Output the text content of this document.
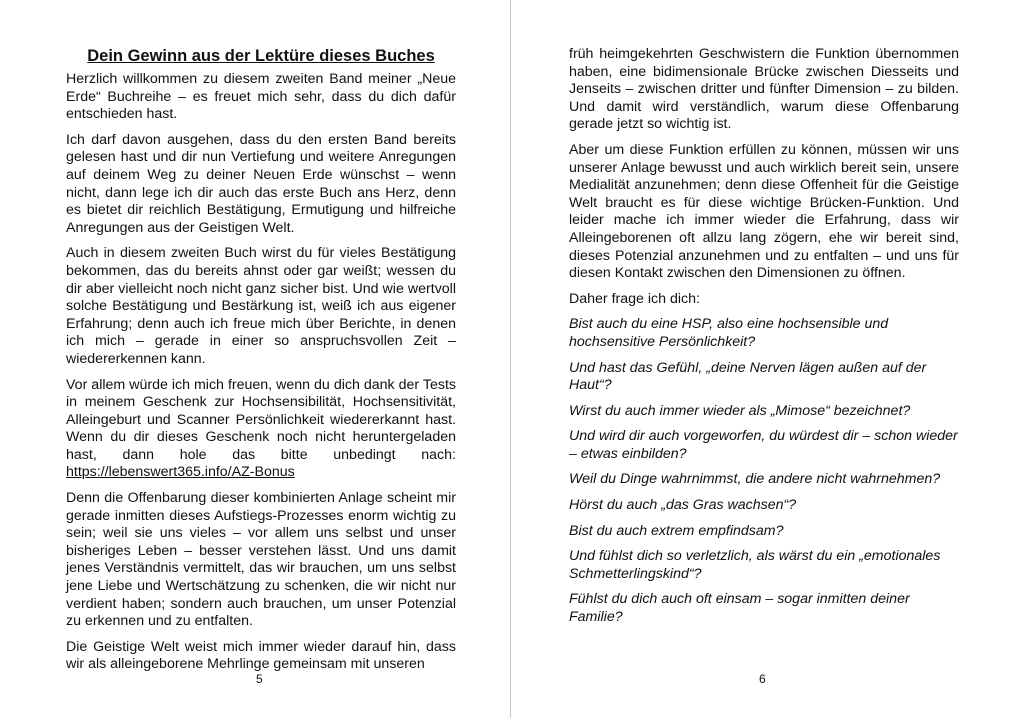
Dein Gewinn aus der Lektüre dieses Buches

Herzlich willkommen zu diesem zweiten Band meiner „Neue Erde“ Buchreihe – es freuet mich sehr, dass du dich dafür entschieden hast.

Ich darf davon ausgehen, dass du den ersten Band bereits gelesen hast und dir nun Vertiefung und weitere Anregungen auf deinem Weg zu deiner Neuen Erde wünschst – wenn nicht, dann lege ich dir auch das erste Buch ans Herz, denn es bietet dir reichlich Bestätigung, Ermutigung und hilfreiche Anregungen aus der Geistigen Welt.

Auch in diesem zweiten Buch wirst du für vieles Bestätigung bekommen, das du bereits ahnst oder gar weißt; wessen du dir aber vielleicht noch nicht ganz sicher bist. Und wie wertvoll solche Bestätigung und Bestärkung ist, weiß ich aus eigener Erfahrung; denn auch ich freue mich über Berichte, in denen ich mich – gerade in einer so anspruchsvollen Zeit – wiedererkennen kann.

Vor allem würde ich mich freuen, wenn du dich dank der Tests in meinem Geschenk zur Hochsensibilität, Hochsensitivität, Alleingeburt und Scanner Persönlichkeit wiedererkannt hast. Wenn du dir dieses Geschenk noch nicht heruntergeladen hast, dann hole das bitte unbedingt nach: https://lebenswert365.info/AZ-Bonus

Denn die Offenbarung dieser kombinierten Anlage scheint mir gerade inmitten dieses Aufstiegs-Prozesses enorm wichtig zu sein; weil sie uns vieles – vor allem uns selbst und unser bisheriges Leben – besser verstehen lässt. Und uns damit jenes Verständnis vermittelt, das wir brauchen, um uns selbst jene Liebe und Wertschätzung zu schenken, die wir nicht nur verdient haben; sondern auch brauchen, um unser Potenzial zu erkennen und zu entfalten.

Die Geistige Welt weist mich immer wieder darauf hin, dass wir als alleingeborene Mehrlinge gemeinsam mit unseren

5

früh heimgekehrten Geschwistern die Funktion übernommen haben, eine bidimensionale Brücke zwischen Diesseits und Jenseits – zwischen dritter und fünfter Dimension – zu bilden. Und damit wird verständlich, warum diese Offenbarung gerade jetzt so wichtig ist.

Aber um diese Funktion erfüllen zu können, müssen wir uns unserer Anlage bewusst und auch wirklich bereit sein, unsere Medialität anzunehmen; denn diese Offenheit für die Geistige Welt braucht es für diese wichtige Brücken-Funktion. Und leider mache ich immer wieder die Erfahrung, dass wir Alleingeborenen oft allzu lang zögern, ehe wir bereit sind, dieses Potenzial anzunehmen und zu entfalten – und uns für diesen Kontakt zwischen den Dimensionen zu öffnen.

Daher frage ich dich:

Bist auch du eine HSP, also eine hochsensible und hochsensitive Persönlichkeit?

Und hast das Gefühl, „deine Nerven lägen außen auf der Haut“?

Wirst du auch immer wieder als „Mimose“ bezeichnet?

Und wird dir auch vorgeworfen, du würdest dir – schon wieder – etwas einbilden?

Weil du Dinge wahrnimmst, die andere nicht wahrnehmen?

Hörst du auch „das Gras wachsen“?

Bist du auch extrem empfindsam?

Und fühlst dich so verletzlich, als wärst du ein „emotionales Schmetterlingskind“?

Fühlst du dich auch oft einsam – sogar inmitten deiner Familie?

6
